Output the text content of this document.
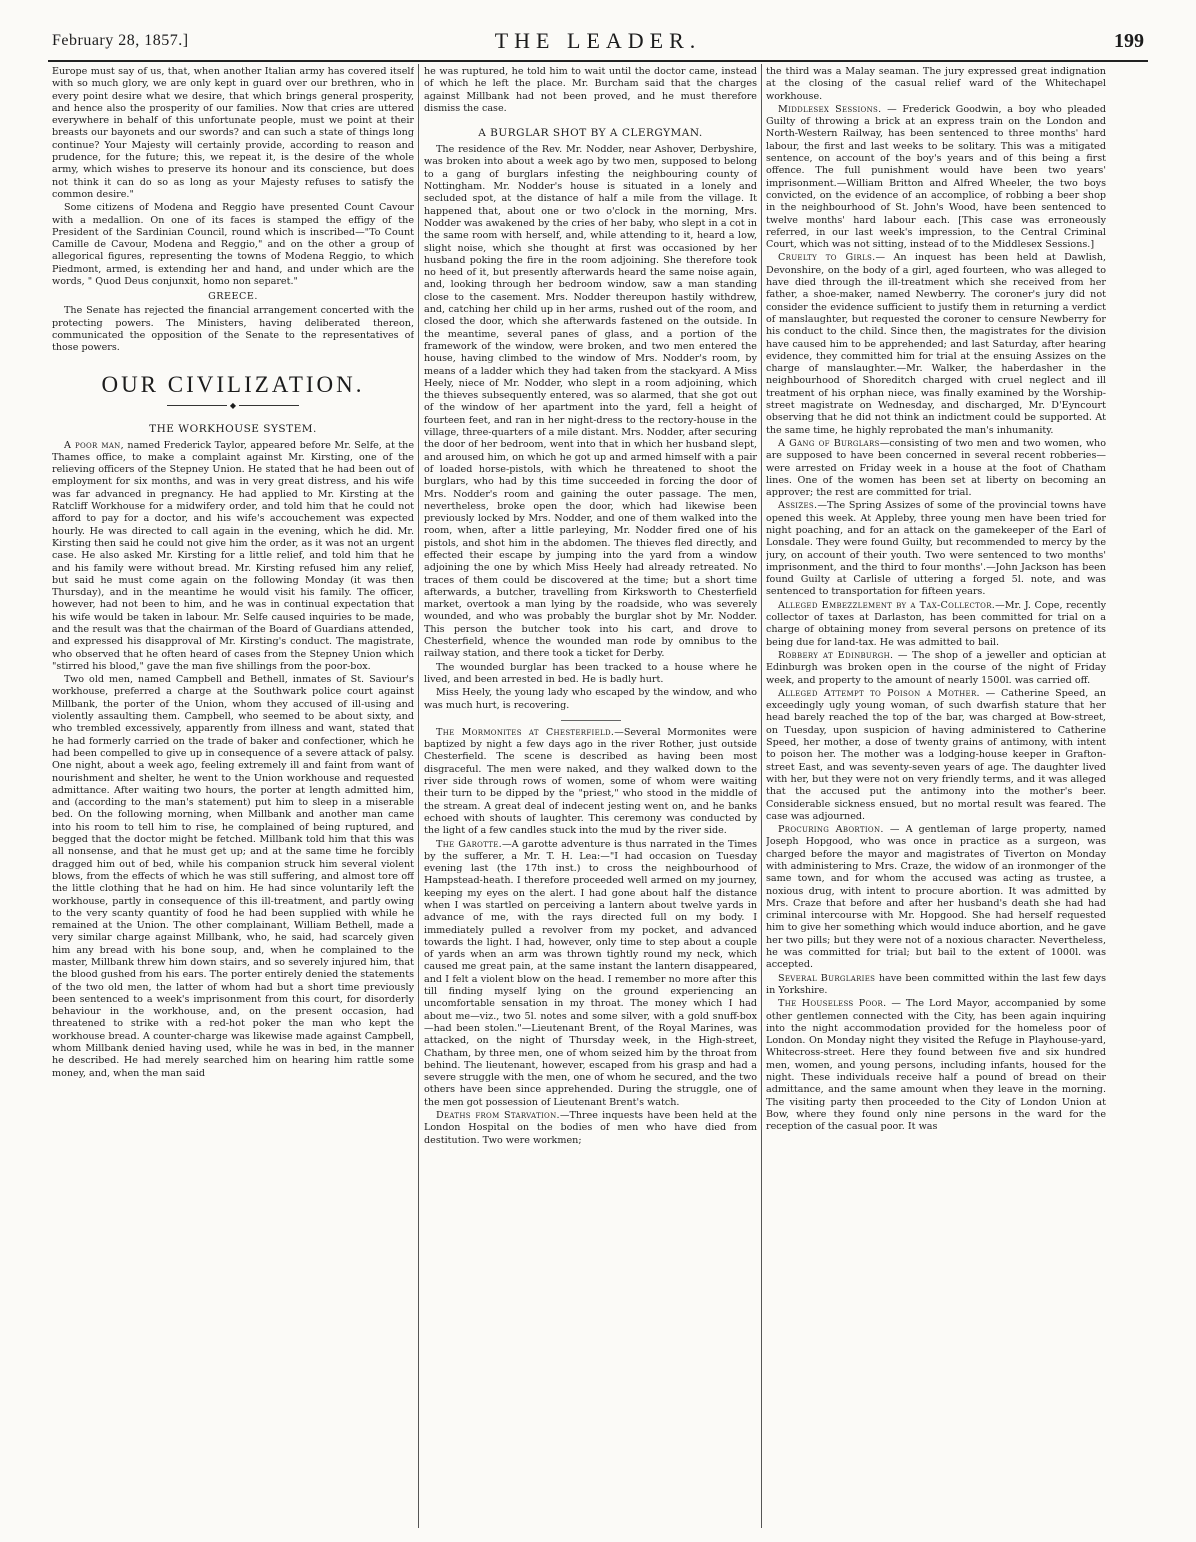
February 28, 1857.]	THE LEADER.	199

Europe must say of us, that, when another Italian army has covered itself with so much glory, we are only kept in guard over our brethren, who in every point desire what we desire, that which brings general prosperity, and hence also the prosperity of our families. Now that cries are uttered everywhere in behalf of this unfortunate people, must we point at their breasts our bayonets and our swords? and can such a state of things long continue? Your Majesty will certainly provide, according to reason and prudence, for the future; this, we repeat it, is the desire of the whole army, which wishes to preserve its honour and its conscience, but does not think it can do so as long as your Majesty refuses to satisfy the common desire."

Some citizens of Modena and Reggio have presented Count Cavour with a medallion. On one of its faces is stamped the effigy of the President of the Sardinian Council, round which is inscribed—"To Count Camille de Cavour, Modena and Reggio," and on the other a group of allegorical figures, representing the towns of Modena Reggio, to which Piedmont, armed, is extending her and hand, and under which are the words, " Quod Deus conjunxit, homo non separet."

GREECE.

The Senate has rejected the financial arrangement concerted with the protecting powers. The Ministers, having deliberated thereon, communicated the opposition of the Senate to the representatives of those powers.

OUR CIVILIZATION.
◆
THE WORKHOUSE SYSTEM.

A poor man, named Frederick Taylor, appeared before Mr. Selfe, at the Thames office, to make a complaint against Mr. Kirsting, one of the relieving officers of the Stepney Union. He stated that he had been out of employment for six months, and was in very great distress, and his wife was far advanced in pregnancy. He had applied to Mr. Kirsting at the Ratcliff Workhouse for a midwifery order, and told him that he could not afford to pay for a doctor, and his wife's accouchement was expected hourly. He was directed to call again in the evening, which he did. Mr. Kirsting then said he could not give him the order, as it was not an urgent case. He also asked Mr. Kirsting for a little relief, and told him that he and his family were without bread. Mr. Kirsting refused him any relief, but said he must come again on the following Monday (it was then Thursday), and in the meantime he would visit his family. The officer, however, had not been to him, and he was in continual expectation that his wife would be taken in labour. Mr. Selfe caused inquiries to be made, and the result was that the chairman of the Board of Guardians attended, and expressed his disapproval of Mr. Kirsting's conduct. The magistrate, who observed that he often heard of cases from the Stepney Union which "stirred his blood," gave the man five shillings from the poor-box.

Two old men, named Campbell and Bethell, inmates of St. Saviour's workhouse, preferred a charge at the Southwark police court against Millbank, the porter of the Union, whom they accused of ill-using and violently assaulting them. Campbell, who seemed to be about sixty, and who trembled excessively, apparently from illness and want, stated that he had formerly carried on the trade of baker and confectioner, which he had been compelled to give up in consequence of a severe attack of palsy. One night, about a week ago, feeling extremely ill and faint from want of nourishment and shelter, he went to the Union workhouse and requested admittance. After waiting two hours, the porter at length admitted him, and (according to the man's statement) put him to sleep in a miserable bed. On the following morning, when Millbank and another man came into his room to tell him to rise, he complained of being ruptured, and begged that the doctor might be fetched. Millbank told him that this was all nonsense, and that he must get up; and at the same time he forcibly dragged him out of bed, while his companion struck him several violent blows, from the effects of which he was still suffering, and almost tore off the little clothing that he had on him. He had since voluntarily left the workhouse, partly in consequence of this ill-treatment, and partly owing to the very scanty quantity of food he had been supplied with while he remained at the Union. The other complainant, William Bethell, made a very similar charge against Millbank, who, he said, had scarcely given him any bread with his bone soup, and, when he complained to the master, Millbank threw him down stairs, and so severely injured him, that the blood gushed from his ears. The porter entirely denied the statements of the two old men, the latter of whom had but a short time previously been sentenced to a week's imprisonment from this court, for disorderly behaviour in the workhouse, and, on the present occasion, had threatened to strike with a red-hot poker the man who kept the workhouse bread. A counter-charge was likewise made against Campbell, whom Millbank denied having used, while he was in bed, in the manner he described. He had merely searched him on hearing him rattle some money, and, when the man said

he was ruptured, he told him to wait until the doctor came, instead of which he left the place. Mr. Burcham said that the charges against Millbank had not been proved, and he must therefore dismiss the case.

A BURGLAR SHOT BY A CLERGYMAN.

The residence of the Rev. Mr. Nodder, near Ashover, Derbyshire, was broken into about a week ago by two men, supposed to belong to a gang of burglars infesting the neighbouring county of Nottingham. Mr. Nodder's house is situated in a lonely and secluded spot, at the distance of half a mile from the village. It happened that, about one or two o'clock in the morning, Mrs. Nodder was awakened by the cries of her baby, who slept in a cot in the same room with herself, and, while attending to it, heard a low, slight noise, which she thought at first was occasioned by her husband poking the fire in the room adjoining. She therefore took no heed of it, but presently afterwards heard the same noise again, and, looking through her bedroom window, saw a man standing close to the casement. Mrs. Nodder thereupon hastily withdrew, and, catching her child up in her arms, rushed out of the room, and closed the door, which she afterwards fastened on the outside. In the meantime, several panes of glass, and a portion of the framework of the window, were broken, and two men entered the house, having climbed to the window of Mrs. Nodder's room, by means of a ladder which they had taken from the stackyard. A Miss Heely, niece of Mr. Nodder, who slept in a room adjoining, which the thieves subsequently entered, was so alarmed, that she got out of the window of her apartment into the yard, fell a height of fourteen feet, and ran in her night-dress to the rectory-house in the village, three-quarters of a mile distant. Mrs. Nodder, after securing the door of her bedroom, went into that in which her husband slept, and aroused him, on which he got up and armed himself with a pair of loaded horse-pistols, with which he threatened to shoot the burglars, who had by this time succeeded in forcing the door of Mrs. Nodder's room and gaining the outer passage. The men, nevertheless, broke open the door, which had likewise been previously locked by Mrs. Nodder, and one of them walked into the room, when, after a little parleying, Mr. Nodder fired one of his pistols, and shot him in the abdomen. The thieves fled directly, and effected their escape by jumping into the yard from a window adjoining the one by which Miss Heely had already retreated. No traces of them could be discovered at the time; but a short time afterwards, a butcher, travelling from Kirksworth to Chesterfield market, overtook a man lying by the roadside, who was severely wounded, and who was probably the burglar shot by Mr. Nodder. This person the butcher took into his cart, and drove to Chesterfield, whence the wounded man rode by omnibus to the railway station, and there took a ticket for Derby.

The wounded burglar has been tracked to a house where he lived, and been arrested in bed. He is badly hurt.

Miss Heely, the young lady who escaped by the window, and who was much hurt, is recovering.

The Mormonites at Chesterfield.—Several Mormonites were baptized by night a few days ago in the river Rother, just outside Chesterfield. The scene is described as having been most disgraceful. The men were naked, and they walked down to the river side through rows of women, some of whom were waiting their turn to be dipped by the "priest," who stood in the middle of the stream. A great deal of indecent jesting went on, and he banks echoed with shouts of laughter. This ceremony was conducted by the light of a few candles stuck into the mud by the river side.

The Garotte.—A garotte adventure is thus narrated in the Times by the sufferer, a Mr. T. H. Lea:—"I had occasion on Tuesday evening last (the 17th inst.) to cross the neighbourhood of Hampstead-heath. I therefore proceeded well armed on my journey, keeping my eyes on the alert. I had gone about half the distance when I was startled on perceiving a lantern about twelve yards in advance of me, with the rays directed full on my body. I immediately pulled a revolver from my pocket, and advanced towards the light. I had, however, only time to step about a couple of yards when an arm was thrown tightly round my neck, which caused me great pain, at the same instant the lantern disappeared, and I felt a violent blow on the head. I remember no more after this till finding myself lying on the ground experiencing an uncomfortable sensation in my throat. The money which I had about me—viz., two 5l. notes and some silver, with a gold snuff-box—had been stolen."—Lieutenant Brent, of the Royal Marines, was attacked, on the night of Thursday week, in the High-street, Chatham, by three men, one of whom seized him by the throat from behind. The lieutenant, however, escaped from his grasp and had a severe struggle with the men, one of whom he secured, and the two others have been since apprehended. During the struggle, one of the men got possession of Lieutenant Brent's watch.

Deaths from Starvation.—Three inquests have been held at the London Hospital on the bodies of men who have died from destitution. Two were workmen;

the third was a Malay seaman. The jury expressed great indignation at the closing of the casual relief ward of the Whitechapel workhouse.

Middlesex Sessions. — Frederick Goodwin, a boy who pleaded Guilty of throwing a brick at an express train on the London and North-Western Railway, has been sentenced to three months' hard labour, the first and last weeks to be solitary. This was a mitigated sentence, on account of the boy's years and of this being a first offence. The full punishment would have been two years' imprisonment.—William Britton and Alfred Wheeler, the two boys convicted, on the evidence of an accomplice, of robbing a beer shop in the neighbourhood of St. John's Wood, have been sentenced to twelve months' hard labour each. [This case was erroneously referred, in our last week's impression, to the Central Criminal Court, which was not sitting, instead of to the Middlesex Sessions.]

Cruelty to Girls.— An inquest has been held at Dawlish, Devonshire, on the body of a girl, aged fourteen, who was alleged to have died through the ill-treatment which she received from her father, a shoe-maker, named Newberry. The coroner's jury did not consider the evidence sufficient to justify them in returning a verdict of manslaughter, but requested the coroner to censure Newberry for his conduct to the child. Since then, the magistrates for the division have caused him to be apprehended; and last Saturday, after hearing evidence, they committed him for trial at the ensuing Assizes on the charge of manslaughter.—Mr. Walker, the haberdasher in the neighbourhood of Shoreditch charged with cruel neglect and ill treatment of his orphan niece, was finally examined by the Worship-street magistrate on Wednesday, and discharged, Mr. D'Eyncourt observing that he did not think an indictment could be supported. At the same time, he highly reprobated the man's inhumanity.

A Gang of Burglars—consisting of two men and two women, who are supposed to have been concerned in several recent robberies—were arrested on Friday week in a house at the foot of Chatham lines. One of the women has been set at liberty on becoming an approver; the rest are committed for trial.

Assizes.—The Spring Assizes of some of the provincial towns have opened this week. At Appleby, three young men have been tried for night poaching, and for an attack on the gamekeeper of the Earl of Lonsdale. They were found Guilty, but recommended to mercy by the jury, on account of their youth. Two were sentenced to two months' imprisonment, and the third to four months'.—John Jackson has been found Guilty at Carlisle of uttering a forged 5l. note, and was sentenced to transportation for fifteen years.

Alleged Embezzlement by a Tax-Collector.—Mr. J. Cope, recently collector of taxes at Darlaston, has been committed for trial on a charge of obtaining money from several persons on pretence of its being due for land-tax. He was admitted to bail.

Robbery at Edinburgh. — The shop of a jeweller and optician at Edinburgh was broken open in the course of the night of Friday week, and property to the amount of nearly 1500l. was carried off.

Alleged Attempt to Poison a Mother. — Catherine Speed, an exceedingly ugly young woman, of such dwarfish stature that her head barely reached the top of the bar, was charged at Bow-street, on Tuesday, upon suspicion of having administered to Catherine Speed, her mother, a dose of twenty grains of antimony, with intent to poison her. The mother was a lodging-house keeper in Grafton-street East, and was seventy-seven years of age. The daughter lived with her, but they were not on very friendly terms, and it was alleged that the accused put the antimony into the mother's beer. Considerable sickness ensued, but no mortal result was feared. The case was adjourned.

Procuring Abortion. — A gentleman of large property, named Joseph Hopgood, who was once in practice as a surgeon, was charged before the mayor and magistrates of Tiverton on Monday with administering to Mrs. Craze, the widow of an ironmonger of the same town, and for whom the accused was acting as trustee, a noxious drug, with intent to procure abortion. It was admitted by Mrs. Craze that before and after her husband's death she had had criminal intercourse with Mr. Hopgood. She had herself requested him to give her something which would induce abortion, and he gave her two pills; but they were not of a noxious character. Nevertheless, he was committed for trial; but bail to the extent of 1000l. was accepted.

Several Burglaries have been committed within the last few days in Yorkshire.

The Houseless Poor. — The Lord Mayor, accompanied by some other gentlemen connected with the City, has been again inquiring into the night accommodation provided for the homeless poor of London. On Monday night they visited the Refuge in Playhouse-yard, Whitecross-street. Here they found between five and six hundred men, women, and young persons, including infants, housed for the night. These individuals receive half a pound of bread on their admittance, and the same amount when they leave in the morning. The visiting party then proceeded to the City of London Union at Bow, where they found only nine persons in the ward for the reception of the casual poor. It was
